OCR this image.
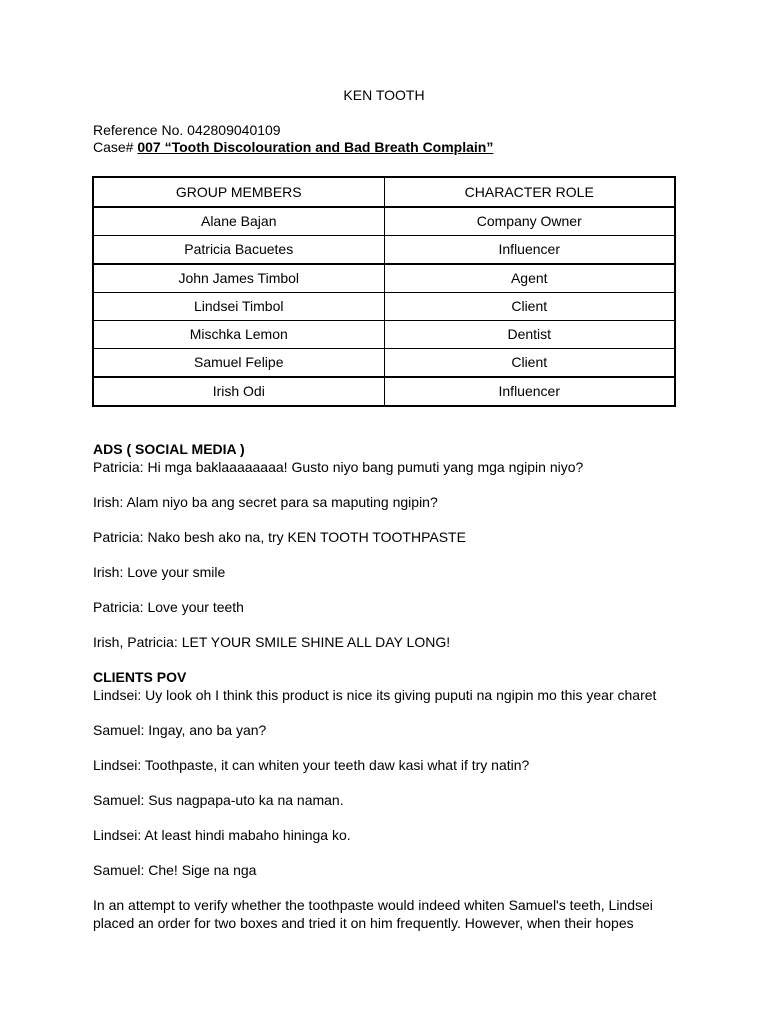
KEN TOOTH
Reference No. 042809040109
Case# 007 “Tooth Discolouration and Bad Breath Complain”
GROUP MEMBERS	CHARACTER ROLE
Alane Bajan	Company Owner
Patricia Bacuetes	Influencer
John James Timbol	Agent
Lindsei Timbol	Client
Mischka Lemon	Dentist
Samuel Felipe	Client
Irish Odi	Influencer

ADS ( SOCIAL MEDIA )

Patricia: Hi mga baklaaaaaaaa! Gusto niyo bang pumuti yang mga ngipin niyo?

Irish: Alam niyo ba ang secret para sa maputing ngipin?

Patricia: Nako besh ako na, try KEN TOOTH TOOTHPASTE

Irish: Love your smile

Patricia: Love your teeth

Irish, Patricia: LET YOUR SMILE SHINE ALL DAY LONG!

CLIENTS POV

Lindsei: Uy look oh I think this product is nice its giving puputi na ngipin mo this year charet

Samuel: Ingay, ano ba yan?

Lindsei: Toothpaste, it can whiten your teeth daw kasi what if try natin?

Samuel: Sus nagpapa-uto ka na naman.

Lindsei: At least hindi mabaho hininga ko.

Samuel: Che! Sige na nga

In an attempt to verify whether the toothpaste would indeed whiten Samuel's teeth, Lindsei

placed an order for two boxes and tried it on him frequently. However, when their hopes
